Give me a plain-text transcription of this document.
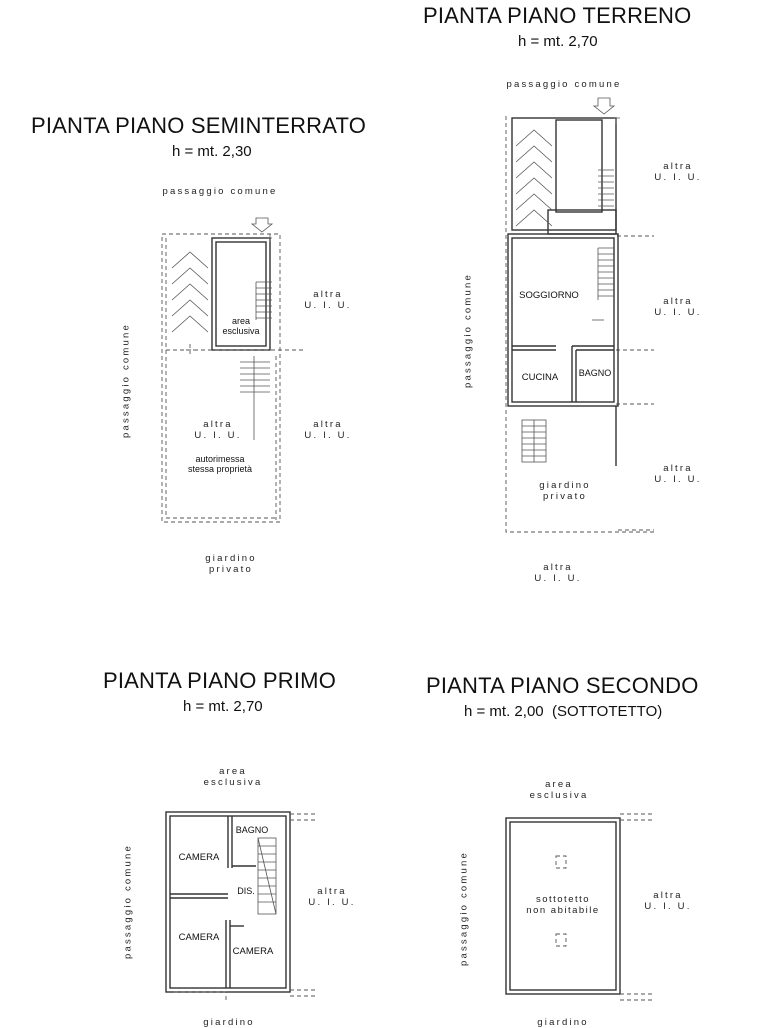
PIANTA PIANO SEMINTERRATO
h = mt. 2,30
PIANTA PIANO TERRENO
h = mt. 2,70
PIANTA PIANO PRIMO
h = mt. 2,70
PIANTA PIANO SECONDO
h = mt. 2,00  (SOTTOTETTO)
passaggio comune
passaggio comune
altra
U. I. U.
altra
U. I. U.
altra
U. I. U.
area
esclusiva
autorimessa
stessa proprietà
giardino
privato
passaggio comune
passaggio comune
altra
U. I. U.
altra
U. I. U.
altra
U. I. U.
SOGGIORNO
CUCINA	BAGNO
giardino
privato
altra
U. I. U.
area
esclusiva
passaggio comune	altra
U. I. U.
BAGNO
CAMERA
DIS.
CAMERA
CAMERA
giardino
area
esclusiva
passaggio comune	altra
U. I. U.
sottotetto
non abitabile
giardino
